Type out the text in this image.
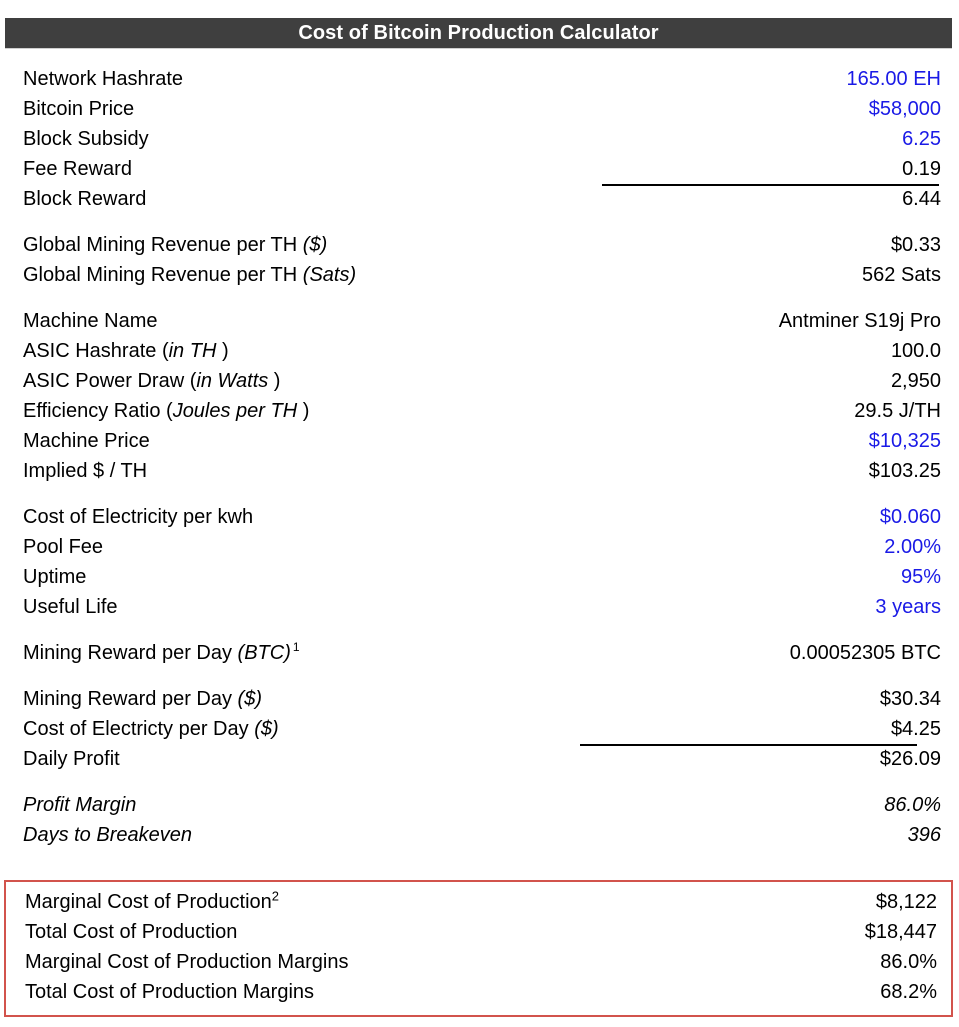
Cost of Bitcoin Production Calculator
Network Hashrate	165.00 EH
Bitcoin Price	$58,000
Block Subsidy	6.25
Fee Reward	0.19
Block Reward	6.44
Global Mining Revenue per TH ($)	$0.33
Global Mining Revenue per TH (Sats)	562 Sats
Machine Name	Antminer S19j Pro
ASIC Hashrate (in TH )	100.0
ASIC Power Draw (in Watts )	2,950
Efficiency Ratio (Joules per TH )	29.5 J/TH
Machine Price	$10,325
Implied $ / TH	$103.25
Cost of Electricity per kwh	$0.060
Pool Fee	2.00%
Uptime	95%
Useful Life	3 years
Mining Reward per Day (BTC) $^1$	0.00052305 BTC
Mining Reward per Day ($)	$30.34
Cost of Electricty per Day ($)	$4.25
Daily Profit	$26.09
Profit Margin	86.0%
Days to Breakeven	396
Marginal Cost of Production$^2$	$8,122
Total Cost of Production	$18,447
Marginal Cost of Production Margins	86.0%
Total Cost of Production Margins	68.2%
